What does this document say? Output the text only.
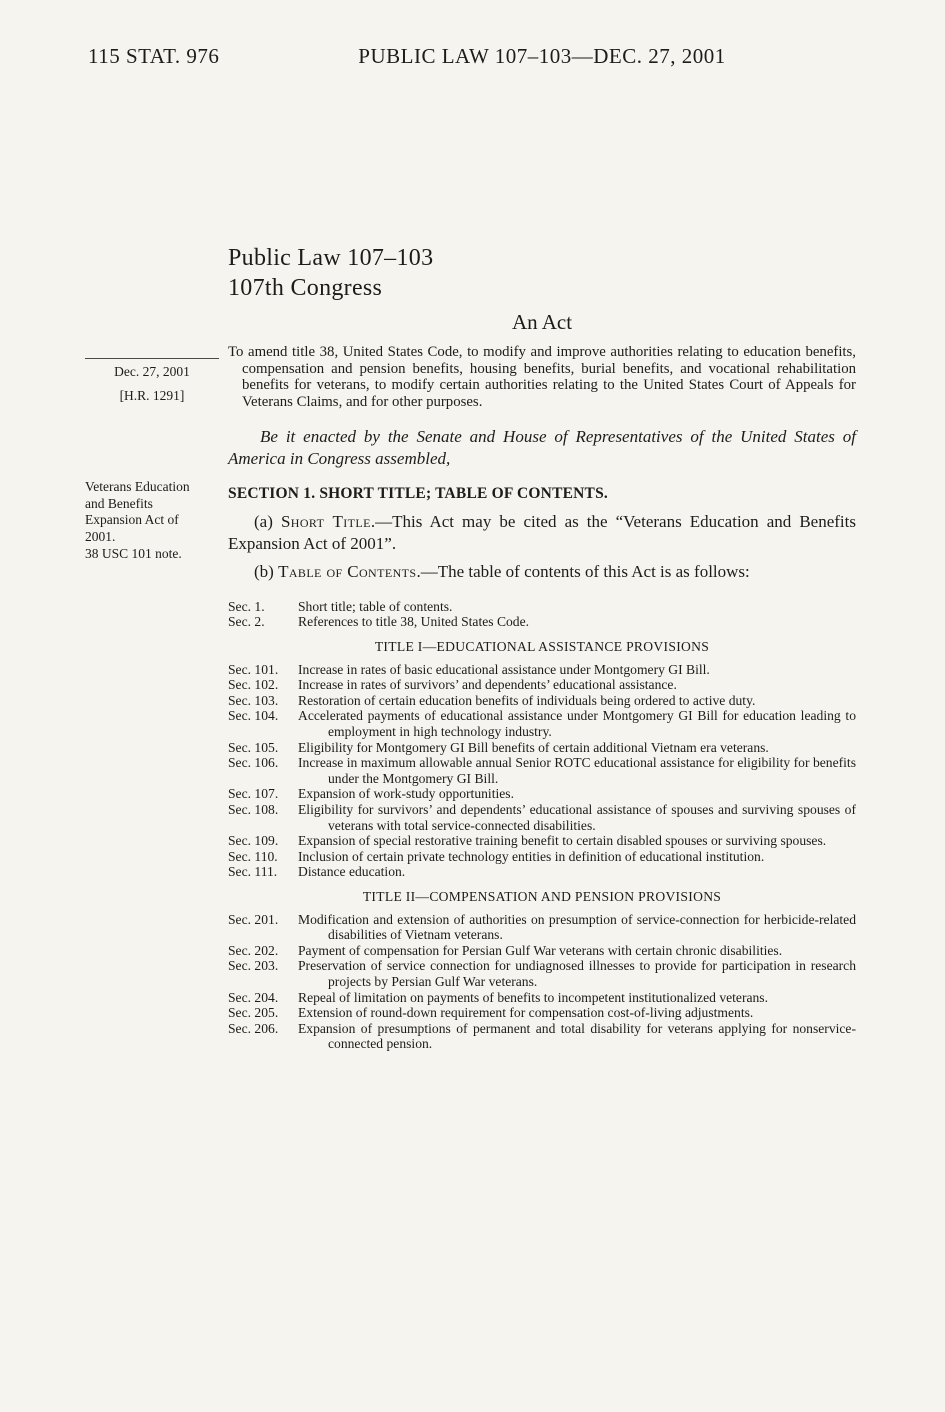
115 STAT. 976	PUBLIC LAW 107–103—DEC. 27, 2001
Dec. 27, 2001
[H.R. 1291]
Veterans Education and Benefits Expansion Act of 2001.
38 USC 101 note.
Public Law 107–103
107th Congress
An Act

To amend title 38, United States Code, to modify and improve authorities relating to education benefits, compensation and pension benefits, housing benefits, burial benefits, and vocational rehabilitation benefits for veterans, to modify certain authorities relating to the United States Court of Appeals for Veterans Claims, and for other purposes.

Be it enacted by the Senate and House of Representatives of the United States of America in Congress assembled,

SECTION 1. SHORT TITLE; TABLE OF CONTENTS.

(a) Short Title.—This Act may be cited as the “Veterans Education and Benefits Expansion Act of 2001”.

(b) Table of Contents.—The table of contents of this Act is as follows:

Sec. 1. Short title; table of contents.
Sec. 2. References to title 38, United States Code.
TITLE I—EDUCATIONAL ASSISTANCE PROVISIONS
Sec. 101. Increase in rates of basic educational assistance under Montgomery GI Bill.
Sec. 102. Increase in rates of survivors’ and dependents’ educational assistance.
Sec. 103. Restoration of certain education benefits of individuals being ordered to active duty.
Sec. 104. Accelerated payments of educational assistance under Montgomery GI Bill for education leading to employment in high technology industry.
Sec. 105. Eligibility for Montgomery GI Bill benefits of certain additional Vietnam era veterans.
Sec. 106. Increase in maximum allowable annual Senior ROTC educational assistance for eligibility for benefits under the Montgomery GI Bill.
Sec. 107. Expansion of work-study opportunities.
Sec. 108. Eligibility for survivors’ and dependents’ educational assistance of spouses and surviving spouses of veterans with total service-connected disabilities.
Sec. 109. Expansion of special restorative training benefit to certain disabled spouses or surviving spouses.
Sec. 110. Inclusion of certain private technology entities in definition of educational institution.
Sec. 111. Distance education.
TITLE II—COMPENSATION AND PENSION PROVISIONS
Sec. 201. Modification and extension of authorities on presumption of service-connection for herbicide-related disabilities of Vietnam veterans.
Sec. 202. Payment of compensation for Persian Gulf War veterans with certain chronic disabilities.
Sec. 203. Preservation of service connection for undiagnosed illnesses to provide for participation in research projects by Persian Gulf War veterans.
Sec. 204. Repeal of limitation on payments of benefits to incompetent institutionalized veterans.
Sec. 205. Extension of round-down requirement for compensation cost-of-living adjustments.
Sec. 206. Expansion of presumptions of permanent and total disability for veterans applying for nonservice-connected pension.
